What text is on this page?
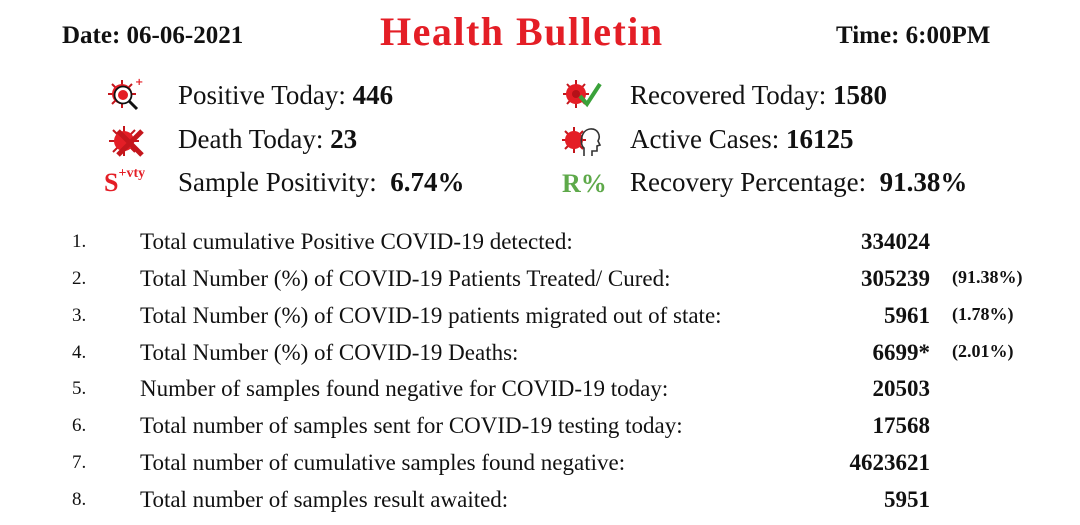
Date: 06-06-2021	Health Bulletin	Time: 6:00PM
+ Positive Today: 446	Recovered Today: 1580
Death Today: 23	Active Cases: 16125
$S^{+vty}$ Sample Positivity: 6.74%	R% Recovery Percentage: 91.38%
1. Total cumulative Positive COVID-19 detected:	334024
2. Total Number (%) of COVID-19 Patients Treated/ Cured:	305239 (91.38%)
3. Total Number (%) of COVID-19 patients migrated out of state:	5961 (1.78%)
4. Total Number (%) of COVID-19 Deaths:	6699* (2.01%)
5. Number of samples found negative for COVID-19 today:	20503
6. Total number of samples sent for COVID-19 testing today:	17568
7. Total number of cumulative samples found negative:	4623621
8. Total number of samples result awaited:	5951
